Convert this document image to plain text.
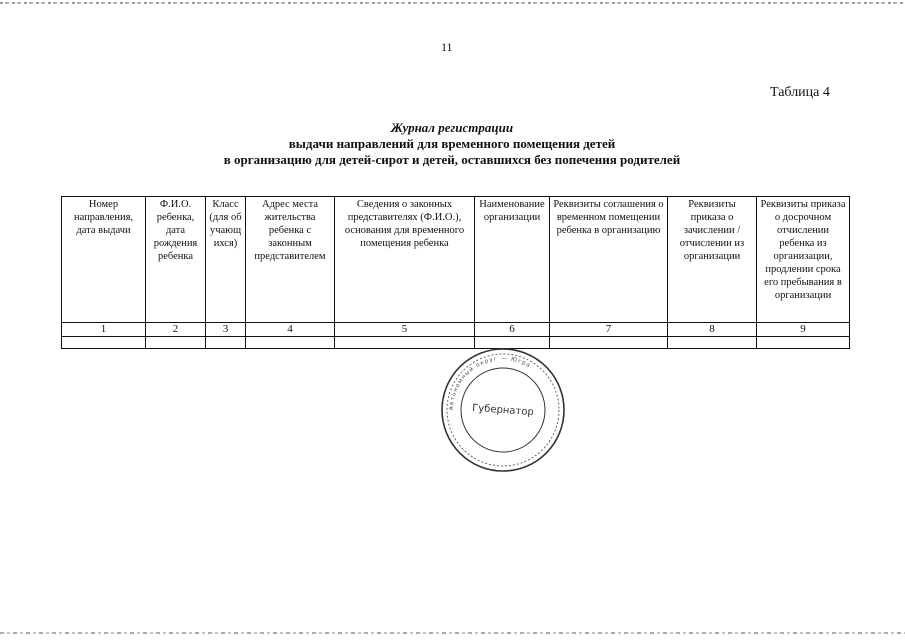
11
Таблица 4
Журнал регистрации
выдачи направлений для временного помещения детей
в организацию для детей-сирот и детей, оставшихся без попечения родителей
Номер направления, дата выдачи	Ф.И.О. ребенка, дата рождения ребенка	Класс (для обучающихся)	Адрес места жительства ребенка с законным представителем	Сведения о законных представителях (Ф.И.О.), основания для временного помещения ребенка	Наименование организации	Реквизиты соглашения о временном помещении ребенка в организацию	Реквизиты приказа о зачислении / отчислении из организации	Реквизиты приказа о досрочном отчислении ребенка из организации, продлении срока его пребывания в организации
1	2	3	4	5	6	7	8	9

Автономный округ — Югра
Губернатор
